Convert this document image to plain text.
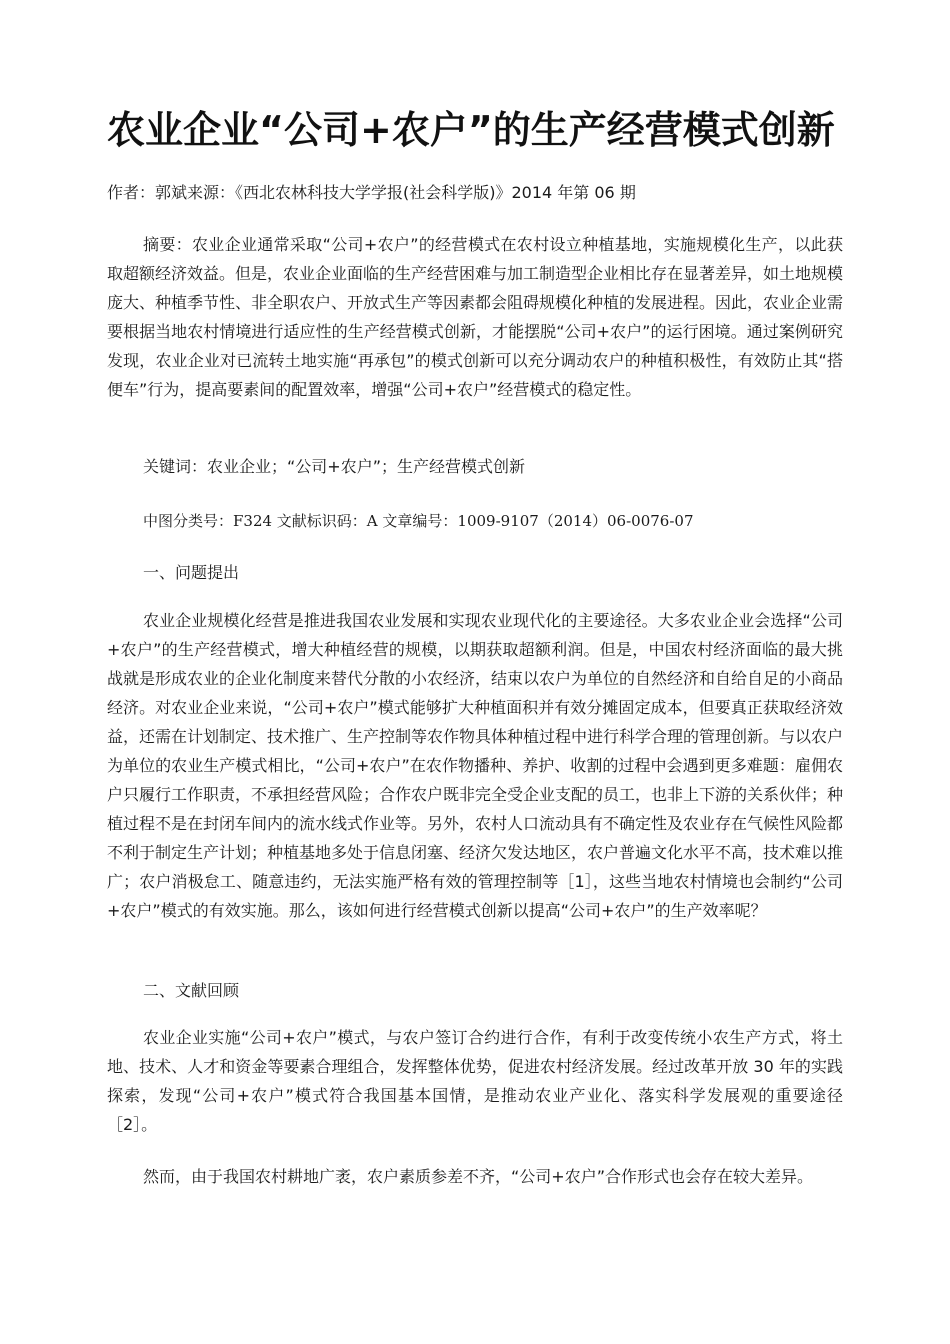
农业企业“公司+农户”的生产经营模式创新
作者：郭斌来源：《西北农林科技大学学报(社会科学版)》2014 年第 06 期

摘要：农业企业通常采取“公司+农户”的经营模式在农村设立种植基地，实施规模化生产，以此获取超额经济效益。但是，农业企业面临的生产经营困难与加工制造型企业相比存在显著差异，如土地规模庞大、种植季节性、非全职农户、开放式生产等因素都会阻碍规模化种植的发展进程。因此，农业企业需要根据当地农村情境进行适应性的生产经营模式创新，才能摆脱“公司+农户”的运行困境。通过案例研究发现，农业企业对已流转土地实施“再承包”的模式创新可以充分调动农户的种植积极性，有效防止其“搭便车”行为，提高要素间的配置效率，增强“公司+农户”经营模式的稳定性。

关键词：农业企业；“公司+农户”；生产经营模式创新
中图分类号：F324 文献标识码：A 文章编号：1009-9107（2014）06-0076-07
一、问题提出

农业企业规模化经营是推进我国农业发展和实现农业现代化的主要途径。大多农业企业会选择“公司+农户”的生产经营模式，增大种植经营的规模，以期获取超额利润。但是，中国农村经济面临的最大挑战就是形成农业的企业化制度来替代分散的小农经济，结束以农户为单位的自然经济和自给自足的小商品经济。对农业企业来说，“公司+农户”模式能够扩大种植面积并有效分摊固定成本，但要真正获取经济效益，还需在计划制定、技术推广、生产控制等农作物具体种植过程中进行科学合理的管理创新。与以农户为单位的农业生产模式相比，“公司+农户”在农作物播种、养护、收割的过程中会遇到更多难题：雇佣农户只履行工作职责，不承担经营风险；合作农户既非完全受企业支配的员工，也非上下游的关系伙伴；种植过程不是在封闭车间内的流水线式作业等。另外，农村人口流动具有不确定性及农业存在气候性风险都不利于制定生产计划；种植基地多处于信息闭塞、经济欠发达地区，农户普遍文化水平不高，技术难以推广；农户消极怠工、随意违约，无法实施严格有效的管理控制等［1］，这些当地农村情境也会制约“公司+农户”模式的有效实施。那么，该如何进行经营模式创新以提高“公司+农户”的生产效率呢？

二、文献回顾

农业企业实施“公司+农户”模式，与农户签订合约进行合作，有利于改变传统小农生产方式，将土地、技术、人才和资金等要素合理组合，发挥整体优势，促进农村经济发展。经过改革开放 30 年的实践探索，发现“公司+农户”模式符合我国基本国情，是推动农业产业化、落实科学发展观的重要途径［2］。

然而，由于我国农村耕地广袤，农户素质参差不齐，“公司+农户”合作形式也会存在较大差异。
